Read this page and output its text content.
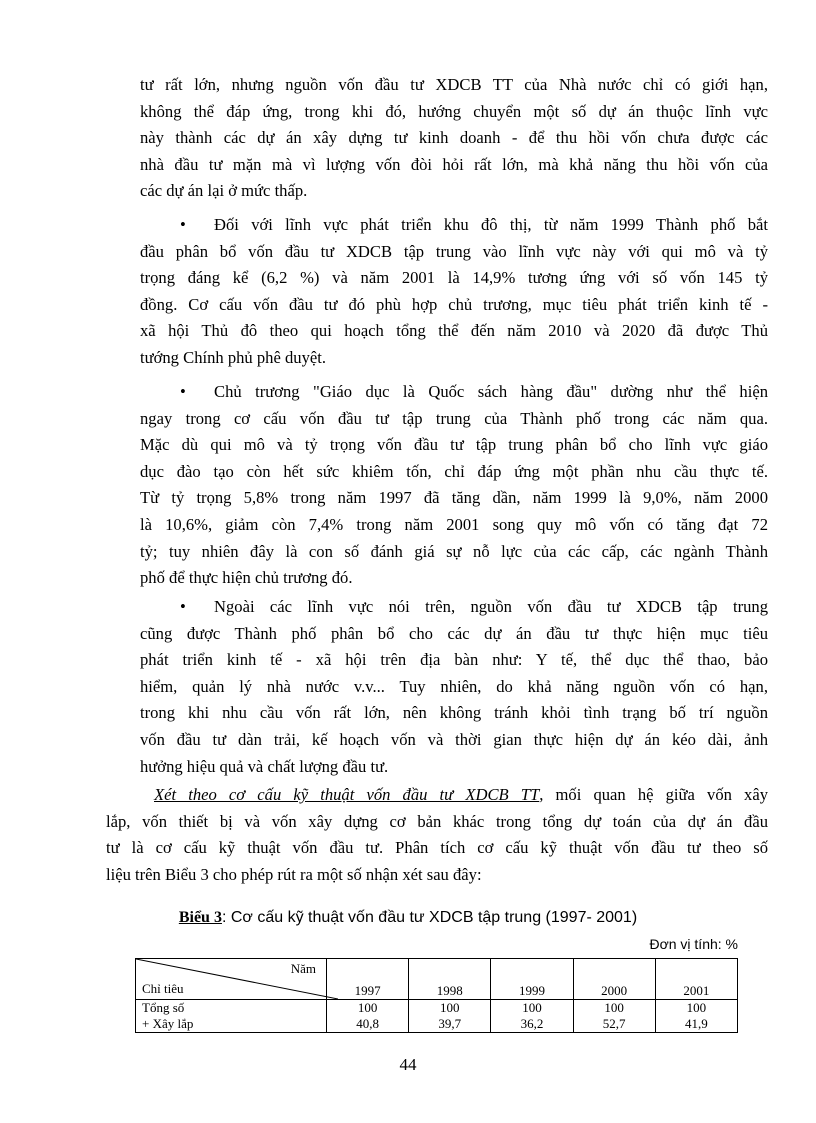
tư rất lớn, nhưng nguồn vốn đầu tư XDCB TT của Nhà nước chỉ có giới hạn,
không thể đáp ứng, trong khi đó, hướng chuyển một số dự án thuộc lĩnh vực
này thành các dự án xây dựng tư kinh doanh - để thu hồi vốn chưa được các
nhà đầu tư mặn mà vì lượng vốn đòi hỏi rất lớn, mà khả năng thu hồi vốn của
các dự án lại ở mức thấp.
• Đối với lĩnh vực phát triển khu đô thị, từ năm 1999 Thành phố bắt
đầu phân bổ vốn đầu tư XDCB tập trung vào lĩnh vực này với qui mô và tỷ
trọng đáng kể (6,2 %) và năm 2001 là 14,9% tương ứng với số vốn 145 tỷ
đồng. Cơ cấu vốn đầu tư đó phù hợp chủ trương, mục tiêu phát triển kinh tế -
xã hội Thủ đô theo qui hoạch tổng thể đến năm 2010 và 2020 đã được Thủ
tướng Chính phủ phê duyệt.
• Chủ trương "Giáo dục là Quốc sách hàng đầu" dường như thể hiện
ngay trong cơ cấu vốn đầu tư tập trung của Thành phố trong các năm qua.
Mặc dù qui mô và tỷ trọng vốn đầu tư tập trung phân bổ cho lĩnh vực giáo
dục đào tạo còn hết sức khiêm tốn, chỉ đáp ứng một phần nhu cầu thực tế.
Từ tỷ trọng 5,8% trong năm 1997 đã tăng dần, năm 1999 là 9,0%, năm 2000
là 10,6%, giảm còn 7,4% trong năm 2001 song quy mô vốn có tăng đạt 72
tỷ; tuy nhiên đây là con số đánh giá sự nỗ lực của các cấp, các ngành Thành
phố để thực hiện chủ trương đó.
• Ngoài các lĩnh vực nói trên, nguồn vốn đầu tư XDCB tập trung
cũng được Thành phố phân bổ cho các dự án đầu tư thực hiện mục tiêu
phát triển kinh tế - xã hội trên địa bàn như: Y tế, thể dục thể thao, bảo
hiểm, quản lý nhà nước v.v... Tuy nhiên, do khả năng nguồn vốn có hạn,
trong khi nhu cầu vốn rất lớn, nên không tránh khỏi tình trạng bố trí nguồn
vốn đầu tư dàn trải, kế hoạch vốn và thời gian thực hiện dự án kéo dài, ảnh
hưởng hiệu quả và chất lượng đầu tư.
Xét theo cơ cấu kỹ thuật vốn đầu tư XDCB TT, mối quan hệ giữa vốn xây
lắp, vốn thiết bị và vốn xây dựng cơ bản khác trong tổng dự toán của dự án đầu
tư là cơ cấu kỹ thuật vốn đầu tư. Phân tích cơ cấu kỹ thuật vốn đầu tư theo số
liệu trên Biểu 3 cho phép rút ra một số nhận xét sau đây:
Biểu 3: Cơ cấu kỹ thuật vốn đầu tư XDCB tập trung (1997- 2001)
Đơn vị tính: %
Năm
Chỉ tiêu	1997	1998	1999	2000	2001
Tổng số	100	100	100	100	100
+ Xây lắp	40,8	39,7	36,2	52,7	41,9
44
